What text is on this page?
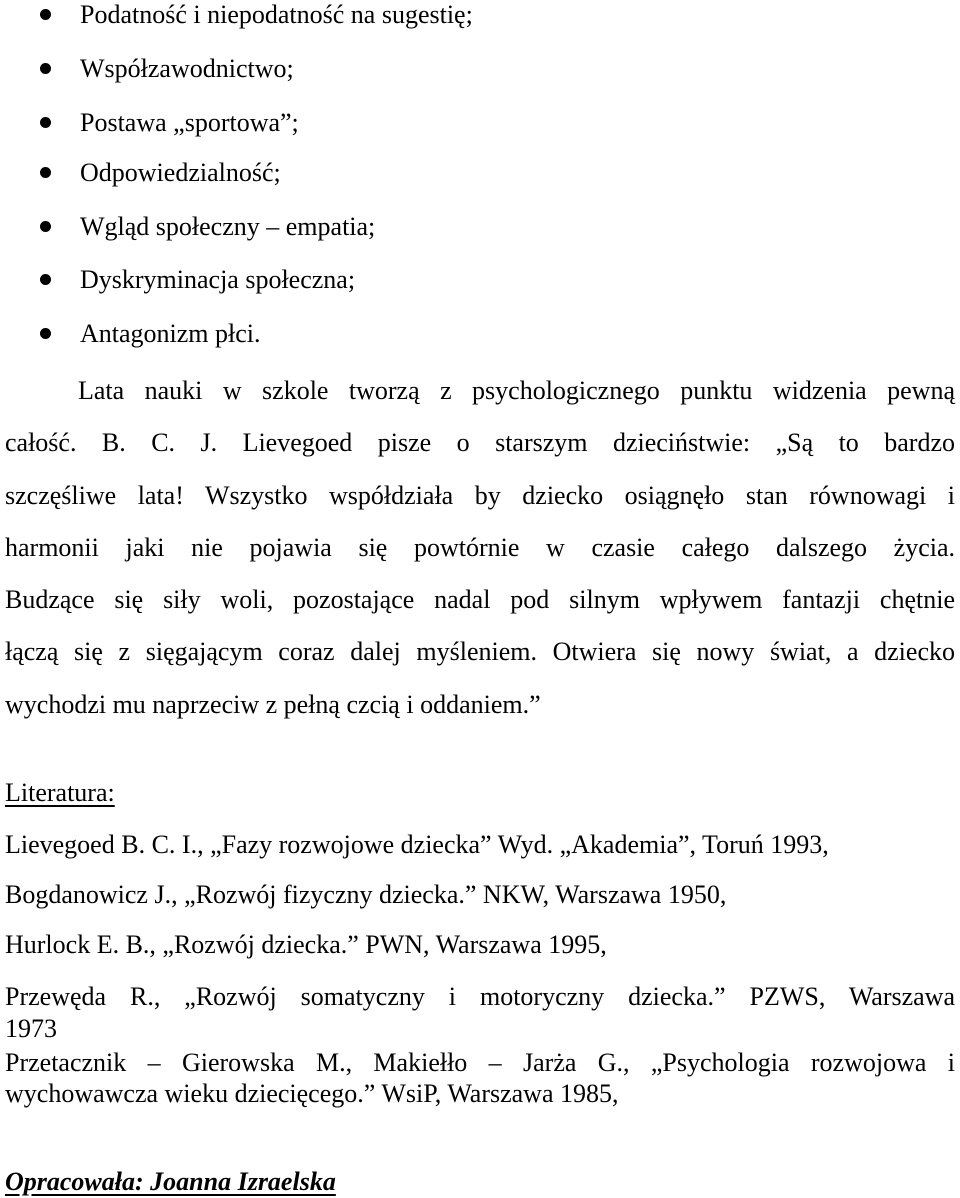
Podatność i niepodatność na sugestię;
Współzawodnictwo;
Postawa „sportowa”;
Odpowiedzialność;
Wgląd społeczny – empatia;
Dyskryminacja społeczna;
Antagonizm płci.
Lata nauki w szkole tworzą z psychologicznego punktu widzenia pewną
całość. B. C. J. Lievegoed pisze o starszym dzieciństwie: „Są to bardzo
szczęśliwe lata! Wszystko współdziała by dziecko osiągnęło stan równowagi i
harmonii jaki nie pojawia się powtórnie w czasie całego dalszego życia.
Budzące się siły woli, pozostające nadal pod silnym wpływem fantazji chętnie
łączą się z sięgającym coraz dalej myśleniem. Otwiera się nowy świat, a dziecko
wychodzi mu naprzeciw z pełną czcią i oddaniem.”
Literatura:
Lievegoed B. C. I., „Fazy rozwojowe dziecka” Wyd. „Akademia”, Toruń 1993,
Bogdanowicz J., „Rozwój fizyczny dziecka.” NKW, Warszawa 1950,
Hurlock E. B., „Rozwój dziecka.” PWN, Warszawa 1995,
Przewęda R., „Rozwój somatyczny i motoryczny dziecka.” PZWS, Warszawa
1973
Przetacznik – Gierowska M., Makiełło – Jarża G., „Psychologia rozwojowa i
wychowawcza wieku dziecięcego.” WsiP, Warszawa 1985,
Opracowała: Joanna Izraelska
